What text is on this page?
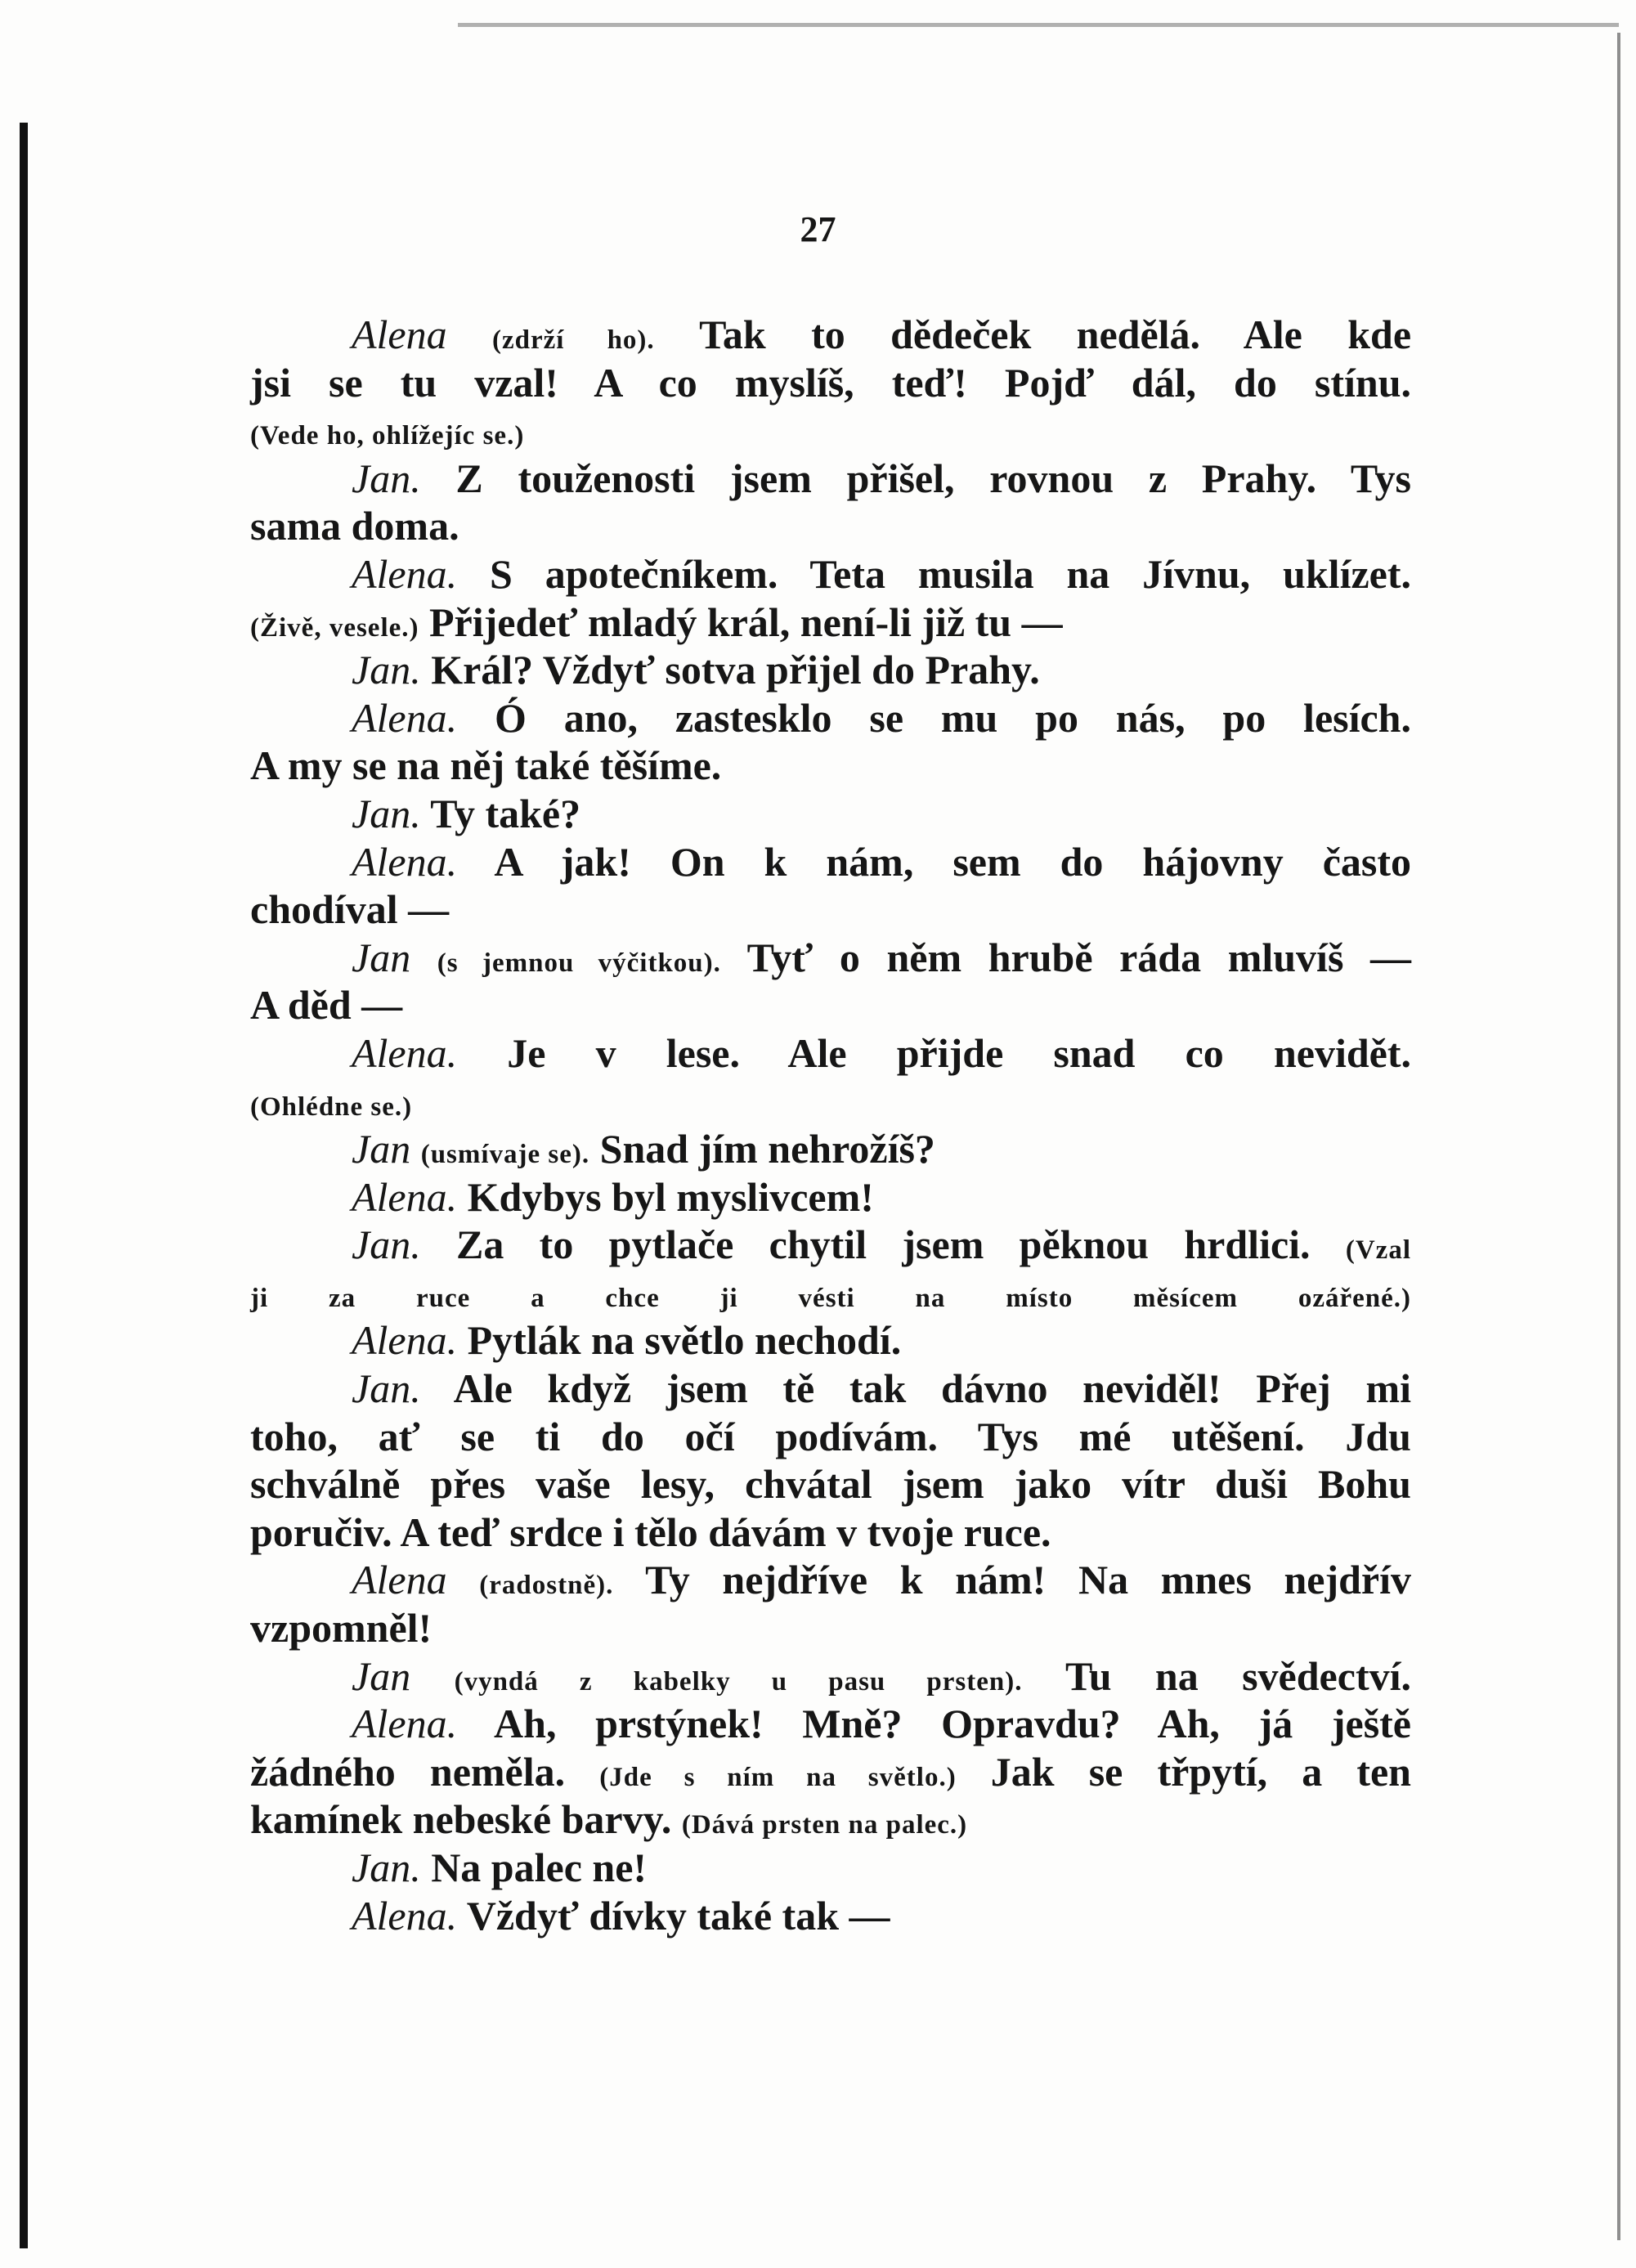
27
Alena (zdrží ho). Tak to dědeček nedělá. Ale kde
jsi se tu vzal! A co myslíš, teď! Pojď dál, do stínu.
(Vede ho, ohlížejíc se.)
Jan. Z touženosti jsem přišel, rovnou z Prahy. Tys
sama doma.
Alena. S apotečníkem. Teta musila na Jívnu, uklízet.
(Živě, vesele.) Přijedeť mladý král, není-li již tu —
Jan. Král? Vždyť sotva přijel do Prahy.
Alena. Ó ano, zastesklo se mu po nás, po lesích.
A my se na něj také těšíme.
Jan. Ty také?
Alena. A jak! On k nám, sem do hájovny často
chodíval —
Jan (s jemnou výčitkou). Tyť o něm hrubě ráda mluvíš —
A děd —
Alena. Je v lese. Ale přijde snad co nevidět.
(Ohlédne se.)
Jan (usmívaje se). Snad jím nehrožíš?
Alena. Kdybys byl myslivcem!
Jan. Za to pytlače chytil jsem pěknou hrdlici. (Vzal
ji za ruce a chce ji vésti na místo měsícem ozářené.)
Alena. Pytlák na světlo nechodí.
Jan. Ale když jsem tě tak dávno neviděl! Přej mi
toho, ať se ti do očí podívám. Tys mé utěšení. Jdu
schválně přes vaše lesy, chvátal jsem jako vítr duši Bohu
poručiv. A teď srdce i tělo dávám v tvoje ruce.
Alena (radostně). Ty nejdříve k nám! Na mnes nejdřív
vzpomněl!
Jan (vyndá z kabelky u pasu prsten). Tu na svědectví.
Alena. Ah, prstýnek! Mně? Opravdu? Ah, já ještě
žádného neměla. (Jde s ním na světlo.) Jak se třpytí, a ten
kamínek nebeské barvy. (Dává prsten na palec.)
Jan. Na palec ne!
Alena. Vždyť dívky také tak —
